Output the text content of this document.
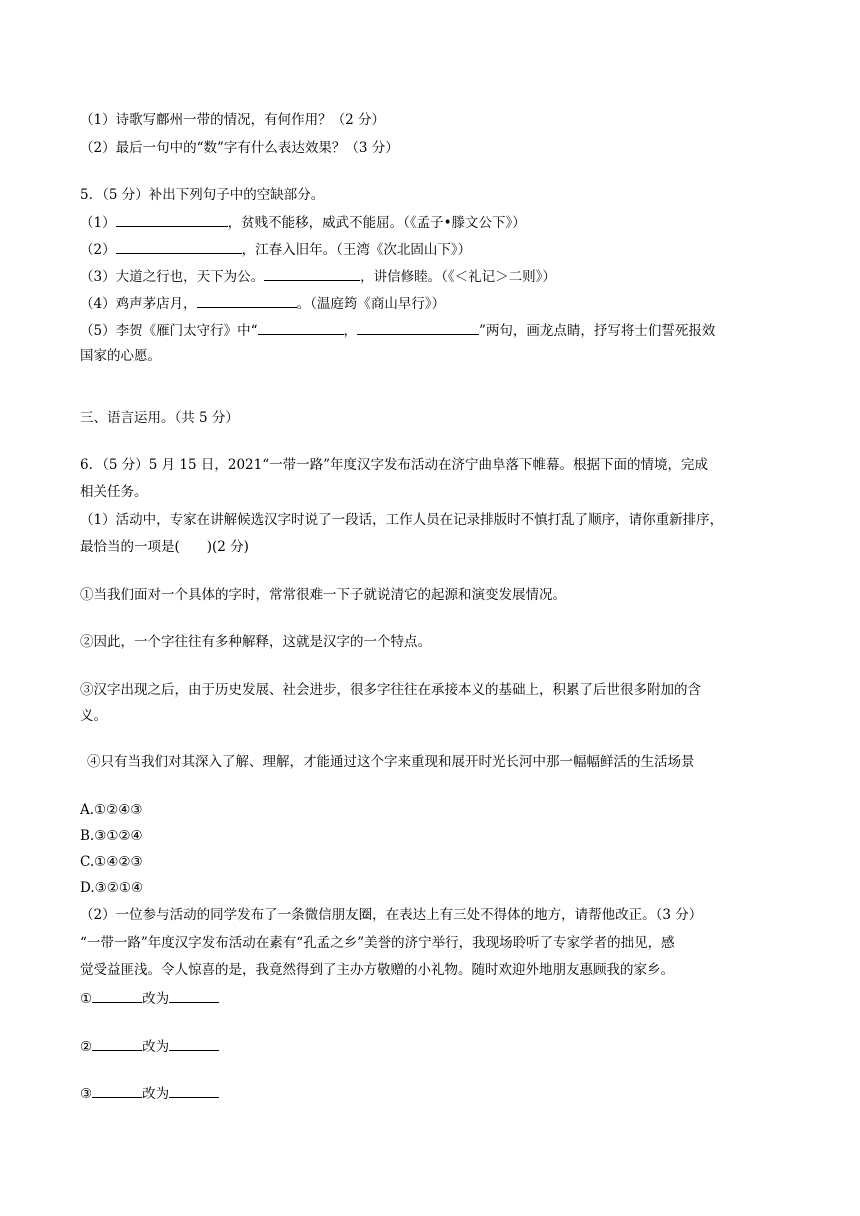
（1）诗歌写鄜州一带的情况，有何作用？（2 分）
（2）最后一句中的“数”字有什么表达效果？（3 分）
5．（5 分）补出下列句子中的空缺部分。
（1）	，贫贱不能移，威武不能屈。（《孟子•滕文公下》）
（2）	，江春入旧年。（王湾《次北固山下》）
（3）大道之行也，天下为公。	，讲信修睦。（《＜礼记＞二则》）
（4）鸡声茅店月，	。（温庭筠《商山早行》）
（5）李贺《雁门太守行》中“	，	”两句，画龙点睛，抒写将士们誓死报效
国家的心愿。
三、语言运用。（共 5 分）
6．（5 分）5 月 15 日，2021“一带一路”年度汉字发布活动在济宁曲阜落下帷幕。根据下面的情境，完成
相关任务。
（1）活动中，专家在讲解候选汉字时说了一段话，工作人员在记录排版时不慎打乱了顺序，请你重新排序，
最恰当的一项是(　　)(2 分)
①当我们面对一个具体的字时，常常很难一下子就说清它的起源和演变发展情况。
②因此，一个字往往有多种解释，这就是汉字的一个特点。
③汉字出现之后，由于历史发展、社会进步，很多字往往在承接本义的基础上，积累了后世很多附加的含
义。
④只有当我们对其深入了解、理解，才能通过这个字来重现和展开时光长河中那一幅幅鲜活的生活场景
A.①②④③
B.③①②④
C.①④②③
D.③②①④
（2）一位参与活动的同学发布了一条微信朋友圈，在表达上有三处不得体的地方，请帮他改正。（3 分）
“一带一路”年度汉字发布活动在素有“孔孟之乡”美誉的济宁举行，我现场聆听了专家学者的拙见，感
觉受益匪浅。令人惊喜的是，我竟然得到了主办方敬赠的小礼物。随时欢迎外地朋友惠顾我的家乡。
①	改为
②	改为
③	改为
